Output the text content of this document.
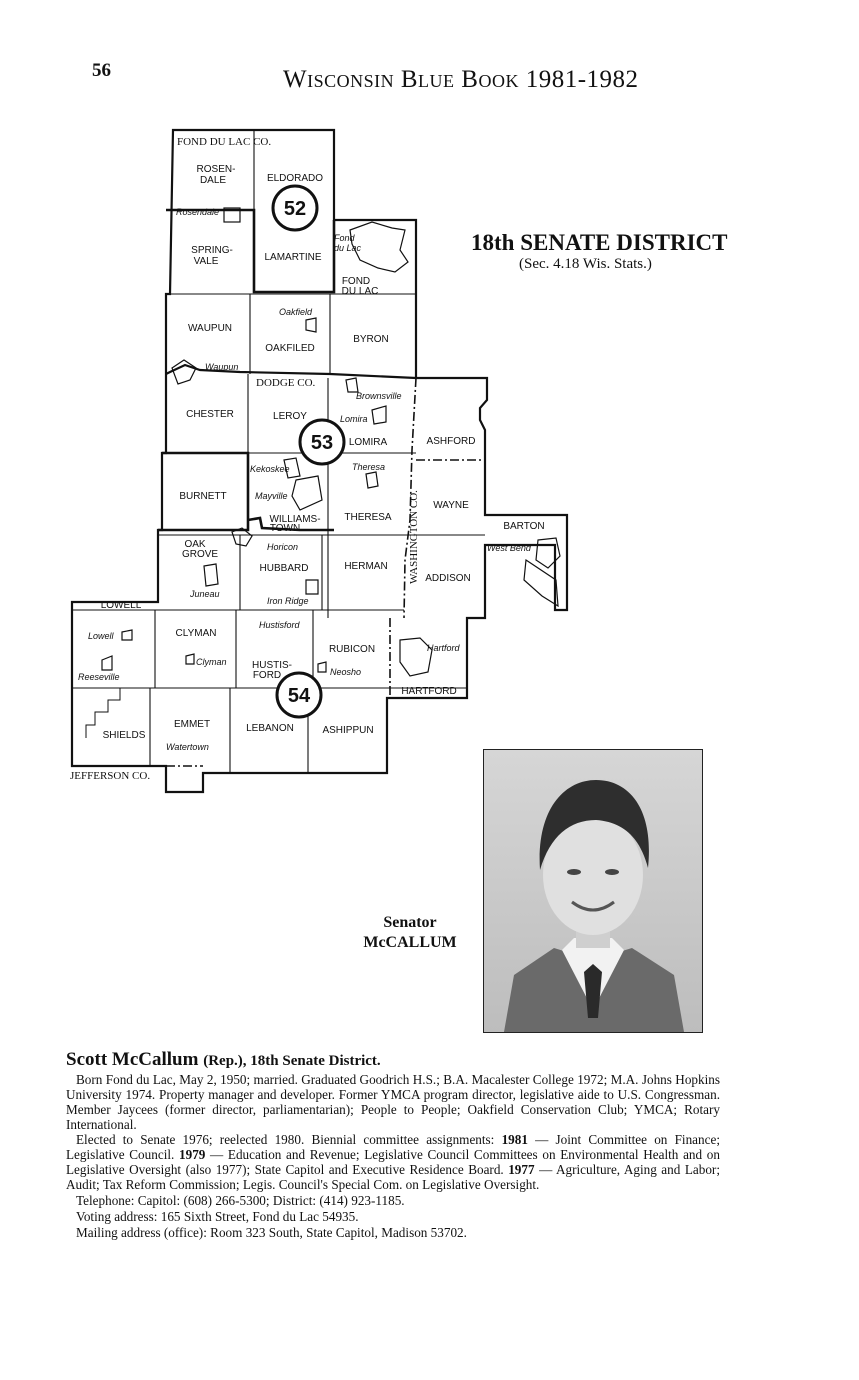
56	Wisconsin Blue Book 1981-1982
18th SENATE DISTRICT
(Sec. 4.18 Wis. Stats.)
52
53
54
FOND DU LAC CO.
DODGE CO.
WASHINGTON CO.
JEFFERSON CO.
ROSEN-
DALE	ELDORADO
SPRING-
VALE	LAMARTINE
FOND
DU LAC
WAUPUN
OAKFILED
BYRON
CHESTER	LEROY
LOMIRA	ASHFORD
BURNETT
WILLIAMS-
TOWN
THERESA
WAYNE
BARTON
OAK
GROVE
HUBBARD	HERMAN
ADDISON
LOWELL
CLYMAN
RUBICON
HUSTIS-
FORD
HARTFORD
SHIELDS
EMMET	LEBANON	ASHIPPUN
Rosendale
Fond
du Lac
Oakfield
Waupun
Brownsville
Lomira
Kekoskee	Theresa
Mayville
Horicon	West Bend
Juneau
Iron Ridge
Hustisford
Lowell
Hartford
Clyman
Reeseville	Neosho
Watertown
Senator
McCALLUM
Scott McCallum (Rep.), 18th Senate District.

Born Fond du Lac, May 2, 1950; married. Graduated Goodrich H.S.; B.A. Macalester College 1972; M.A. Johns Hopkins University 1974. Property manager and developer. Former YMCA program director, legislative aide to U.S. Congressman. Member Jaycees (former director, parliamentarian); People to People; Oakfield Conservation Club; YMCA; Rotary International.

Elected to Senate 1976; reelected 1980. Biennial committee assignments: 1981 — Joint Committee on Finance; Legislative Council. 1979 — Education and Revenue; Legislative Council Committees on Environmental Health and on Legislative Oversight (also 1977); State Capitol and Executive Residence Board. 1977 — Agriculture, Aging and Labor; Audit; Tax Reform Commission; Legis. Council's Special Com. on Legislative Oversight.

Telephone: Capitol: (608) 266-5300; District: (414) 923-1185.

Voting address: 165 Sixth Street, Fond du Lac 54935.

Mailing address (office): Room 323 South, State Capitol, Madison 53702.
